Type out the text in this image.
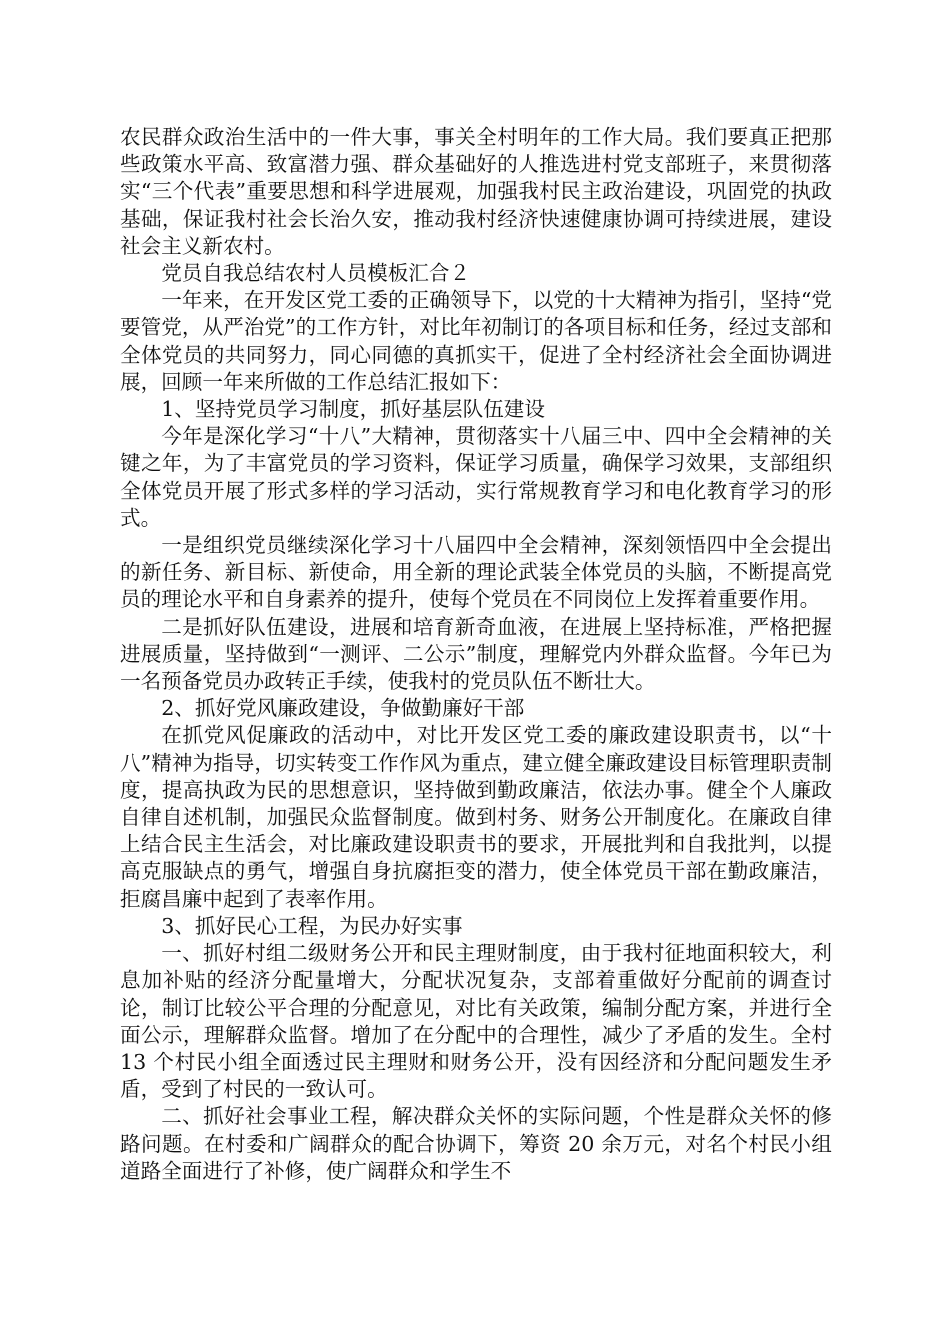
农民群众政治生活中的一件大事，事关全村明年的工作大局。我们要真正把那些政策水平高、致富潜力强、群众基础好的人推选进村党支部班子，来贯彻落实“三个代表”重要思想和科学进展观，加强我村民主政治建设，巩固党的执政基础，保证我村社会长治久安，推动我村经济快速健康协调可持续进展，建设社会主义新农村。

党员自我总结农村人员模板汇合２

一年来，在开发区党工委的正确领导下，以党的十大精神为指引，坚持“党要管党，从严治党”的工作方针，对比年初制订的各项目标和任务，经过支部和全体党员的共同努力，同心同德的真抓实干，促进了全村经济社会全面协调进展，回顾一年来所做的工作总结汇报如下：

1、坚持党员学习制度，抓好基层队伍建设

今年是深化学习“十八”大精神，贯彻落实十八届三中、四中全会精神的关键之年，为了丰富党员的学习资料，保证学习质量，确保学习效果，支部组织全体党员开展了形式多样的学习活动，实行常规教育学习和电化教育学习的形式。

一是组织党员继续深化学习十八届四中全会精神，深刻领悟四中全会提出的新任务、新目标、新使命，用全新的理论武装全体党员的头脑，不断提高党员的理论水平和自身素养的提升，使每个党员在不同岗位上发挥着重要作用。

二是抓好队伍建设，进展和培育新奇血液，在进展上坚持标准，严格把握进展质量，坚持做到“一测评、二公示”制度，理解党内外群众监督。今年已为一名预备党员办政转正手续，使我村的党员队伍不断壮大。

2、抓好党风廉政建设，争做勤廉好干部

在抓党风促廉政的活动中，对比开发区党工委的廉政建设职责书，以“十八”精神为指导，切实转变工作作风为重点，建立健全廉政建设目标管理职责制度，提高执政为民的思想意识，坚持做到勤政廉洁，依法办事。健全个人廉政自律自述机制，加强民众监督制度。做到村务、财务公开制度化。在廉政自律上结合民主生活会，对比廉政建设职责书的要求，开展批判和自我批判，以提高克服缺点的勇气，增强自身抗腐拒变的潜力，使全体党员干部在勤政廉洁，拒腐昌廉中起到了表率作用。

3、抓好民心工程，为民办好实事

一、抓好村组二级财务公开和民主理财制度，由于我村征地面积较大，利息加补贴的经济分配量增大，分配状况复杂，支部着重做好分配前的调查讨论，制订比较公平合理的分配意见，对比有关政策，编制分配方案，并进行全面公示，理解群众监督。增加了在分配中的合理性，减少了矛盾的发生。全村 13 个村民小组全面透过民主理财和财务公开，没有因经济和分配问题发生矛盾，受到了村民的一致认可。

二、抓好社会事业工程，解决群众关怀的实际问题，个性是群众关怀的修路问题。在村委和广阔群众的配合协调下，筹资 20 余万元，对名个村民小组道路全面进行了补修，使广阔群众和学生不
